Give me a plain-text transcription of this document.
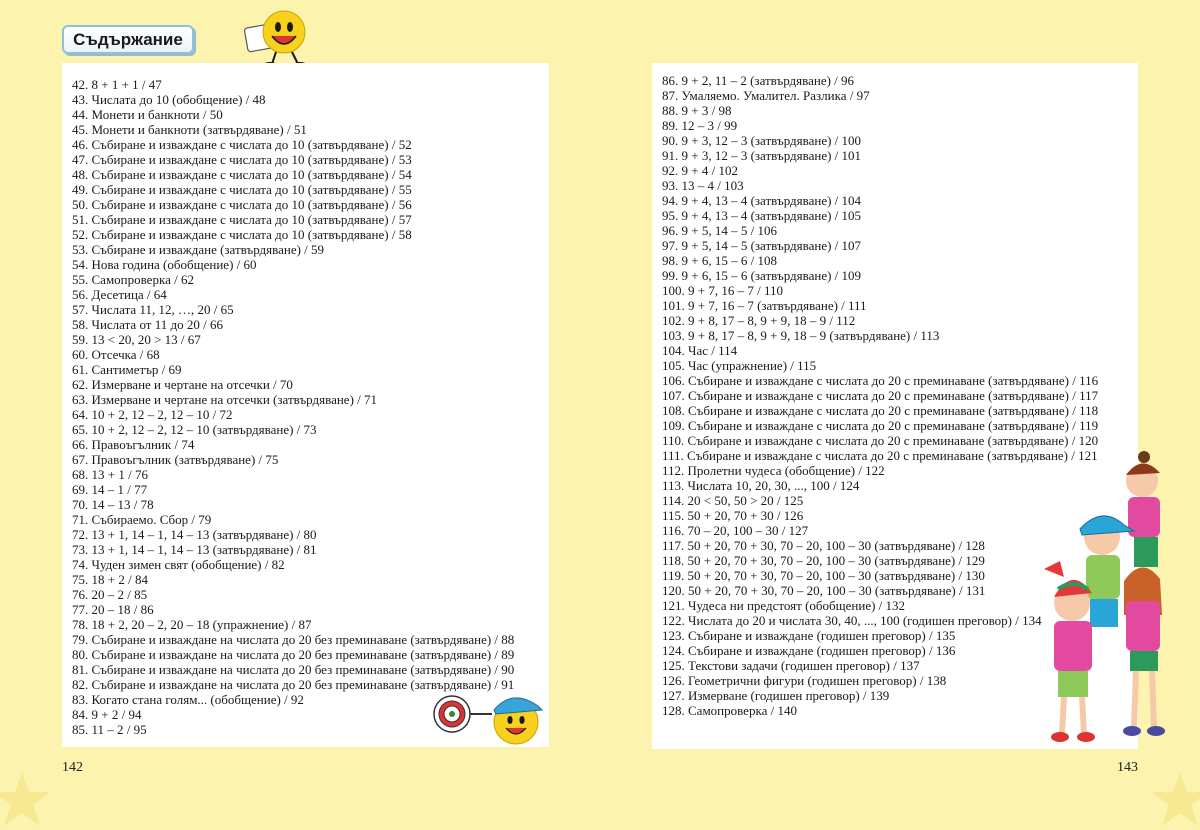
Съдържание
42. 8 + 1 + 1 / 47
43. Числата до 10 (обобщение) / 48
44. Монети и банкноти / 50
45. Монети и банкноти (затвърдяване) / 51
46. Събиране и изваждане с числата до 10 (затвърдяване) / 52
47. Събиране и изваждане с числата до 10 (затвърдяване) / 53
48. Събиране и изваждане с числата до 10 (затвърдяване) / 54
49. Събиране и изваждане с числата до 10 (затвърдяване) / 55
50. Събиране и изваждане с числата до 10 (затвърдяване) / 56
51. Събиране и изваждане с числата до 10 (затвърдяване) / 57
52. Събиране и изваждане с числата до 10 (затвърдяване) / 58
53. Събиране и изваждане (затвърдяване) / 59
54. Нова година (обобщение) / 60
55. Самопроверка / 62
56. Десетица / 64
57. Числата 11, 12, …, 20 / 65
58. Числата от 11 до 20 / 66
59. 13 < 20, 20 > 13 / 67
60. Отсечка / 68
61. Сантиметър / 69
62. Измерване и чертане на отсечки / 70
63. Измерване и чертане на отсечки (затвърдяване) / 71
64. 10 + 2, 12 – 2, 12 – 10 / 72
65. 10 + 2, 12 – 2, 12 – 10 (затвърдяване) / 73
66. Правоъгълник / 74
67. Правоъгълник (затвърдяване) / 75
68. 13 + 1 / 76
69. 14 – 1 / 77
70. 14 – 13 / 78
71. Събираемо. Сбор / 79
72. 13 + 1, 14 – 1, 14 – 13 (затвърдяване) / 80
73. 13 + 1, 14 – 1, 14 – 13 (затвърдяване) / 81
74. Чуден зимен свят (обобщение) / 82
75. 18 + 2 / 84
76. 20 – 2 / 85
77. 20 – 18 / 86
78. 18 + 2, 20 – 2, 20 – 18 (упражнение) / 87
79. Събиране и изваждане на числата до 20 без преминаване (затвърдяване) / 88
80. Събиране и изваждане на числата до 20 без преминаване (затвърдяване) / 89
81. Събиране и изваждане на числата до 20 без преминаване (затвърдяване) / 90
82. Събиране и изваждане на числата до 20 без преминаване (затвърдяване) / 91
83. Когато стана голям... (обобщение) / 92
84. 9 + 2 / 94
85. 11 – 2 / 95
86. 9 + 2, 11 – 2 (затвърдяване) / 96
87. Умаляемо. Умалител. Разлика / 97
88. 9 + 3 / 98
89. 12 – 3 / 99
90. 9 + 3, 12 – 3 (затвърдяване) / 100
91. 9 + 3, 12 – 3 (затвърдяване) / 101
92. 9 + 4 / 102
93. 13 – 4 / 103
94. 9 + 4, 13 – 4 (затвърдяване) / 104
95. 9 + 4, 13 – 4 (затвърдяване) / 105
96. 9 + 5, 14 – 5 / 106
97. 9 + 5, 14 – 5 (затвърдяване) / 107
98. 9 + 6, 15 – 6 / 108
99. 9 + 6, 15 – 6 (затвърдяване) / 109
100. 9 + 7, 16 – 7 / 110
101. 9 + 7, 16 – 7 (затвърдяване) / 111
102. 9 + 8, 17 – 8, 9 + 9, 18 – 9 / 112
103. 9 + 8, 17 – 8, 9 + 9, 18 – 9 (затвърдяване) / 113
104. Час / 114
105. Час (упражнение) / 115
106. Събиране и изваждане с числата до 20 с преминаване (затвърдяване) / 116
107. Събиране и изваждане с числата до 20 с преминаване (затвърдяване) / 117
108. Събиране и изваждане с числата до 20 с преминаване (затвърдяване) / 118
109. Събиране и изваждане с числата до 20 с преминаване (затвърдяване) / 119
110. Събиране и изваждане с числата до 20 с преминаване (затвърдяване) / 120
111. Събиране и изваждане с числата до 20 с преминаване (затвърдяване) / 121
112. Пролетни чудеса (обобщение) / 122
113. Числата 10, 20, 30, ..., 100 / 124
114. 20 < 50, 50 > 20 / 125
115. 50 + 20, 70 + 30 / 126
116. 70 – 20, 100 – 30 / 127
117. 50 + 20, 70 + 30, 70 – 20, 100 – 30 (затвърдяване) / 128
118. 50 + 20, 70 + 30, 70 – 20, 100 – 30 (затвърдяване) / 129
119. 50 + 20, 70 + 30, 70 – 20, 100 – 30 (затвърдяване) / 130
120. 50 + 20, 70 + 30, 70 – 20, 100 – 30 (затвърдяване) / 131
121. Чудеса ни предстоят (обобщение) / 132
122. Числата до 20 и числата 30, 40, ..., 100 (годишен преговор) / 134
123. Събиране и изваждане (годишен преговор) / 135
124. Събиране и изваждане (годишен преговор) / 136
125. Текстови задачи (годишен преговор) / 137
126. Геометрични фигури (годишен преговор) / 138
127. Измерване (годишен преговор) / 139
128. Самопроверка / 140
142	143
